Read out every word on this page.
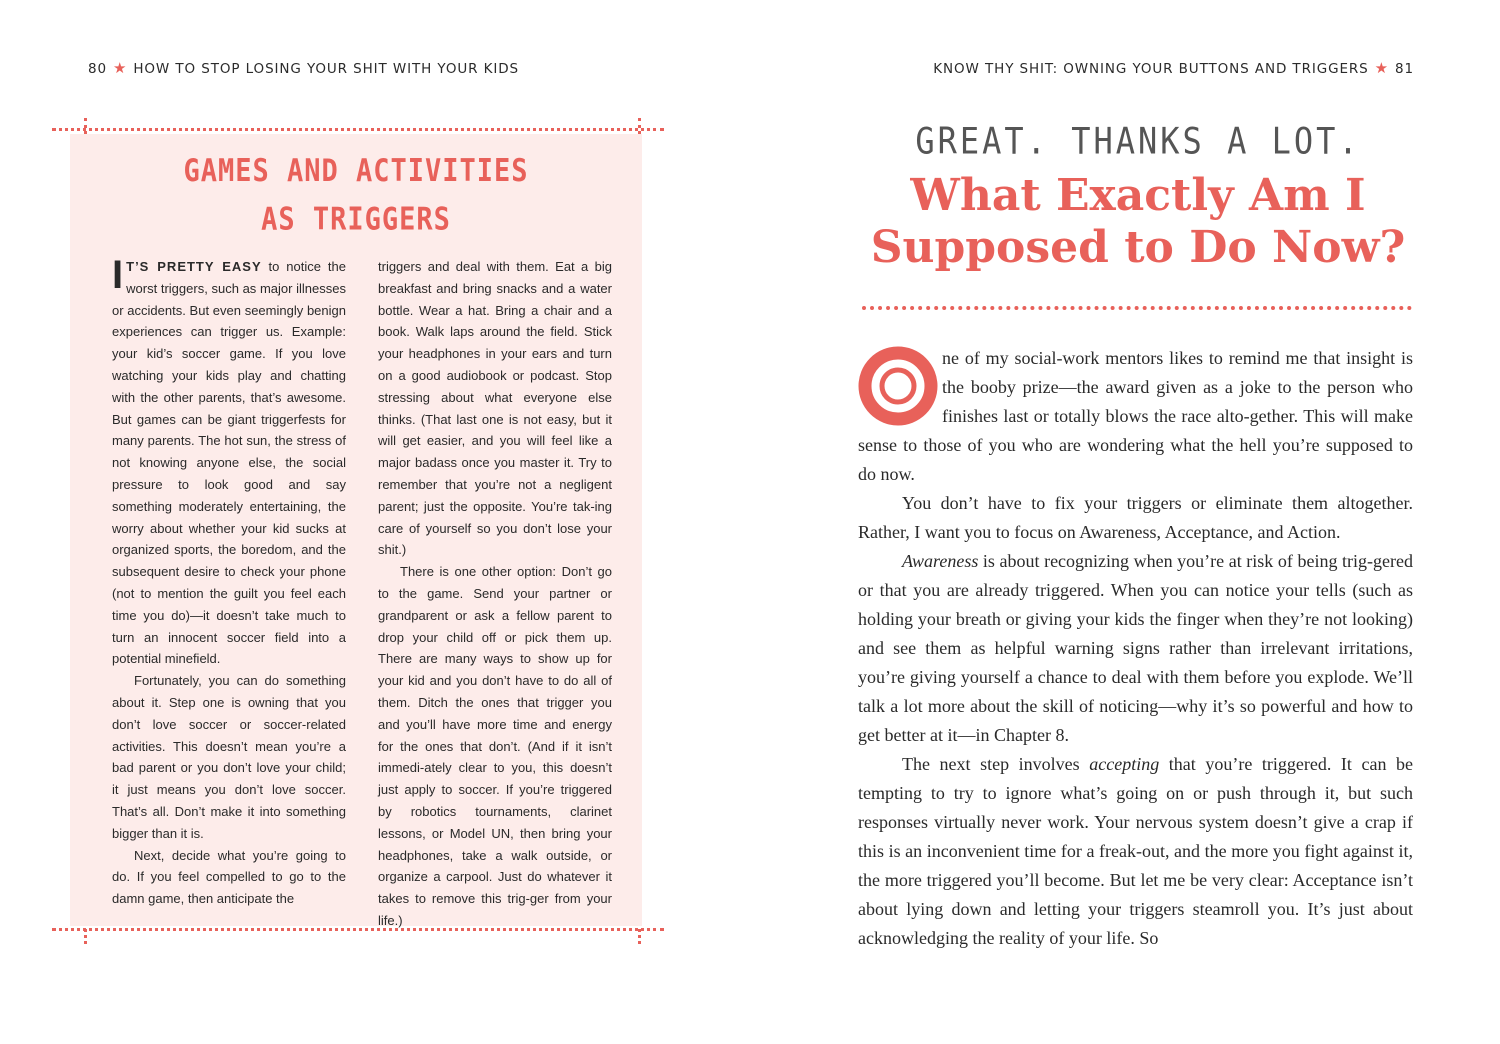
80 ★ HOW TO STOP LOSING YOUR SHIT WITH YOUR KIDS	KNOW THY SHIT: OWNING YOUR BUTTONS AND TRIGGERS ★ 81
GAMES AND ACTIVITIES
AS TRIGGERS

I T’S PRETTY EASY to notice the worst triggers, such as major illnesses or accidents. But even seemingly benign experiences can trigger us. Example: your kid’s soccer game. If you love watching your kids play and chatting with the other parents, that’s awesome. But games can be giant triggerfests for many parents. The hot sun, the stress of not knowing anyone else, the social pressure to look good and say something moderately entertaining, the worry about whether your kid sucks at organized sports, the boredom, and the subsequent desire to check your phone (not to mention the guilt you feel each time you do)—it doesn’t take much to turn an innocent soccer field into a potential minefield.

Fortunately, you can do something about it. Step one is owning that you don’t love soccer or soccer-related activities. This doesn’t mean you’re a bad parent or you don’t love your child; it just means you don’t love soccer. That’s all. Don’t make it into something bigger than it is.

Next, decide what you’re going to do. If you feel compelled to go to the damn game, then anticipate the

triggers and deal with them. Eat a big breakfast and bring snacks and a water bottle. Wear a hat. Bring a chair and a book. Walk laps around the field. Stick your headphones in your ears and turn on a good audiobook or podcast. Stop stressing about what everyone else thinks. (That last one is not easy, but it will get easier, and you will feel like a major badass once you master it. Try to remember that you’re not a negligent parent; just the opposite. You’re tak-ing care of yourself so you don’t lose your shit.)

There is one other option: Don’t go to the game. Send your partner or grandparent or ask a fellow parent to drop your child off or pick them up. There are many ways to show up for your kid and you don’t have to do all of them. Ditch the ones that trigger you and you’ll have more time and energy for the ones that don’t. (And if it isn’t immedi-ately clear to you, this doesn’t just apply to soccer. If you’re triggered by robotics tournaments, clarinet lessons, or Model UN, then bring your headphones, take a walk outside, or organize a carpool. Just do whatever it takes to remove this trig-ger from your life.)

GREAT. THANKS A LOT.
What Exactly Am I
Supposed to Do Now?

ne of my social-work mentors likes to remind me that insight is the booby prize—the award given as a joke to the person who finishes last or totally blows the race alto-gether. This will make sense to those of you who are wondering what the hell you’re supposed to do now.

You don’t have to fix your triggers or eliminate them altogether. Rather, I want you to focus on Awareness, Acceptance, and Action.

Awareness is about recognizing when you’re at risk of being trig-gered or that you are already triggered. When you can notice your tells (such as holding your breath or giving your kids the finger when they’re not looking) and see them as helpful warning signs rather than irrelevant irritations, you’re giving yourself a chance to deal with them before you explode. We’ll talk a lot more about the skill of noticing—why it’s so powerful and how to get better at it—in Chapter 8.

The next step involves accepting that you’re triggered. It can be tempting to try to ignore what’s going on or push through it, but such responses virtually never work. Your nervous system doesn’t give a crap if this is an inconvenient time for a freak-out, and the more you fight against it, the more triggered you’ll become. But let me be very clear: Acceptance isn’t about lying down and letting your triggers steamroll you. It’s just about acknowledging the reality of your life. So
